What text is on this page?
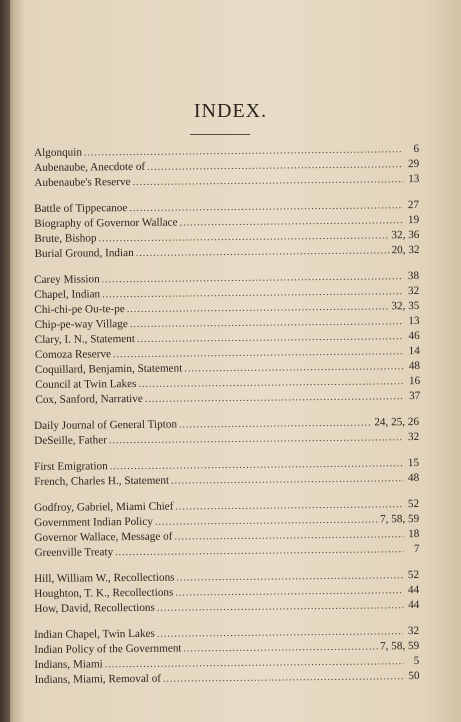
INDEX.
Algonquin .....	6
Aubenaube, Anecdote of .....	29
Aubenaube's Reserve .....	13
Battle of Tippecanoe .....	27
Biography of Governor Wallace .....	19
Brute, Bishop .....	32, 36
Burial Ground, Indian .....	20, 32
Carey Mission .....	38
Chapel, Indian .....	32
Chi-chi-pe Ou-te-pe .....	32, 35
Chip-pe-way Village .....	13
Clary, I. N., Statement .....	46
Comoza Reserve .....	14
Coquillard, Benjamin, Statement .....	48
Council at Twin Lakes .....	16
Cox, Sanford, Narrative .....	37
Daily Journal of General Tipton .....	24, 25, 26
DeSeille, Father .....	32
First Emigration .....	15
French, Charles H., Statement .....	48
Godfroy, Gabriel, Miami Chief .....	52
Government Indian Policy .....	7, 58, 59
Governor Wallace, Message of .....	18
Greenville Treaty .....	7
Hill, William W., Recollections .....	52
Houghton, T. K., Recollections .....	44
How, David, Recollections .....	44
Indian Chapel, Twin Lakes .....	32
Indian Policy of the Government .....	7, 58, 59
Indians, Miami .....	5
Indians, Miami, Removal of .....	50
